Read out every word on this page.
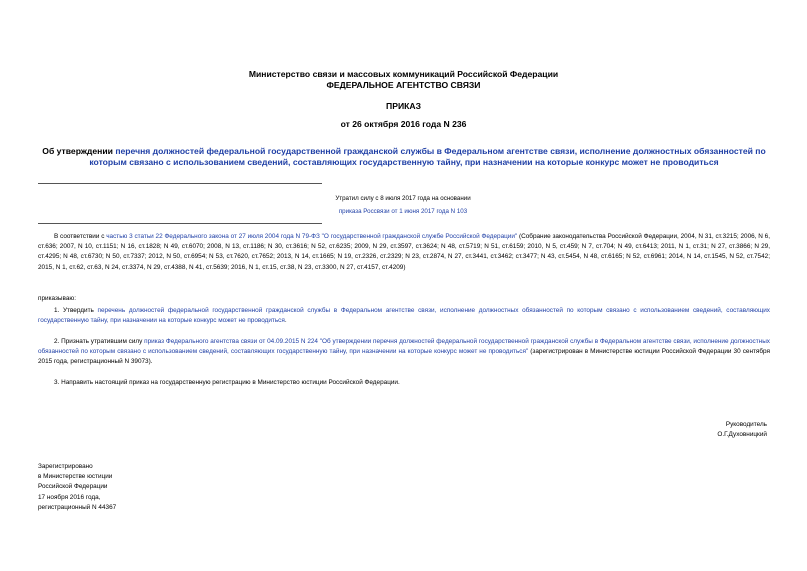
Министерство связи и массовых коммуникаций Российской Федерации
ФЕДЕРАЛЬНОЕ АГЕНТСТВО СВЯЗИ
ПРИКАЗ
от 26 октября 2016 года N 236
Об утверждении перечня должностей федеральной государственной гражданской службы в Федеральном агентстве связи, исполнение должностных обязанностей по которым связано с использованием сведений, составляющих государственную тайну, при назначении на которые конкурс может не проводиться
Утратил силу с 8 июля 2017 года на основании
приказа Россвязи от 1 июня 2017 года N 103
В соответствии с частью 3 статьи 22 Федерального закона от 27 июля 2004 года N 79-ФЗ "О государственной гражданской службе Российской Федерации" (Собрание законодательства Российской Федерации, 2004, N 31, ст.3215; 2006, N 6, ст.636; 2007, N 10, ст.1151; N 16, ст.1828; N 49, ст.6070; 2008, N 13, ст.1186; N 30, ст.3616; N 52, ст.6235; 2009, N 29, ст.3597, ст.3624; N 48, ст.5719; N 51, ст.6159; 2010, N 5, ст.459; N 7, ст.704; N 49, ст.6413; 2011, N 1, ст.31; N 27, ст.3866; N 29, ст.4295; N 48, ст.6730; N 50, ст.7337; 2012, N 50, ст.6954; N 53, ст.7620, ст.7652; 2013, N 14, ст.1665; N 19, ст.2326, ст.2329; N 23, ст.2874, N 27, ст.3441, ст.3462; ст.3477; N 43, ст.5454, N 48, ст.6165; N 52, ст.6961; 2014, N 14, ст.1545, N 52, ст.7542; 2015, N 1, ст.62, ст.63, N 24, ст.3374, N 29, ст.4388, N 41, ст.5639; 2016, N 1, ст.15, ст.38, N 23, ст.3300, N 27, ст.4157, ст.4209)
приказываю:
1. Утвердить перечень должностей федеральной государственной гражданской службы в Федеральном агентстве связи, исполнение должностных обязанностей по которым связано с использованием сведений, составляющих государственную тайну, при назначении на которые конкурс может не проводиться.
2. Признать утратившим силу приказ Федерального агентства связи от 04.09.2015 N 224 "Об утверждении перечня должностей федеральной государственной гражданской службы в Федеральном агентстве связи, исполнение должностных обязанностей по которым связано с использованием сведений, составляющих государственную тайну, при назначении на которые конкурс может не проводиться" (зарегистрирован в Министерстве юстиции Российской Федерации 30 сентября 2015 года, регистрационный N 39073).
3. Направить настоящий приказ на государственную регистрацию в Министерство юстиции Российской Федерации.
Руководитель
О.Г.Духовницкий
Зарегистрировано
в Министерстве юстиции
Российской Федерации
17 ноября 2016 года,
регистрационный N 44367
